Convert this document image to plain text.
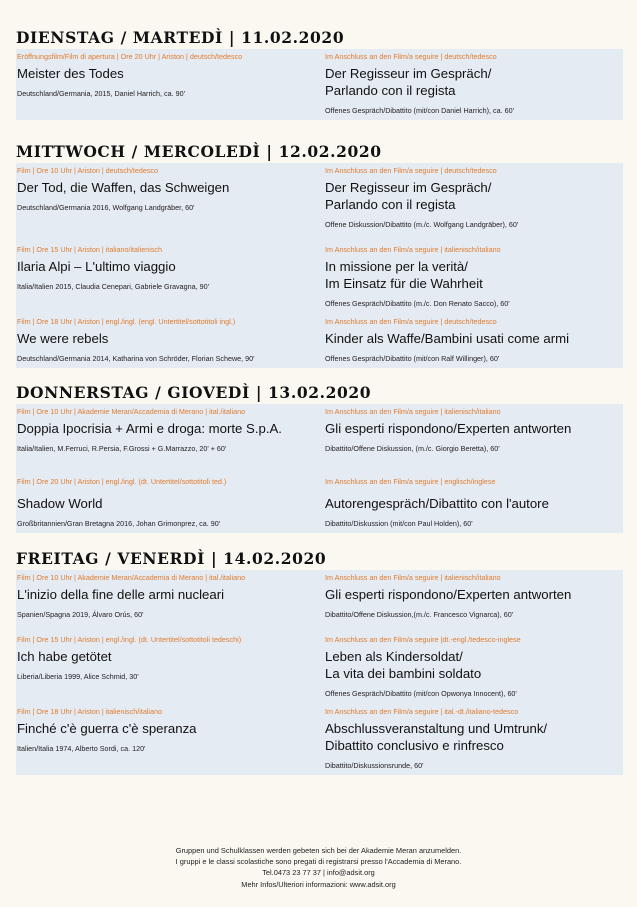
DIENSTAG / MARTEDÌ | 11.02.2020
Eröffnungsfilm/Film di apertura | Ore 20 Uhr | Ariston | deutsch/tedesco
Meister des Todes
Deutschland/Germania, 2015, Daniel Harrich, ca. 90'
Im Anschluss an den Film/a seguire | deutsch/tedesco
Der Regisseur im Gespräch/
Parlando con il regista
Offenes Gespräch/Dibattito (mit/con Daniel Harrich), ca. 60'
MITTWOCH / MERCOLEDÌ | 12.02.2020
Film | Ore 10 Uhr | Ariston | deutsch/tedesco
Der Tod, die Waffen, das Schweigen
Deutschland/Germania 2016, Wolfgang Landgräber, 60'
Im Anschluss an den Film/a seguire | deutsch/tedesco
Der Regisseur im Gespräch/
Parlando con il regista
Offene Diskussion/Dibattito (m./c. Wolfgang Landgräber), 60'
Film | Ore 15 Uhr | Ariston | italiano/italienisch
Ilaria Alpi – L'ultimo viaggio
Italia/Italien 2015, Claudia Cenepari, Gabriele Gravagna, 90'
Im Anschluss an den Film/a seguire | italienisch/italiano
In missione per la verità/
Im Einsatz für die Wahrheit
Offenes Gespräch/Dibattito (m./c. Don Renato Sacco), 60'
Film | Ore 18 Uhr | Ariston | engl./ingl. (engl. Untertitel/sottotitoli ingl.)
We were rebels
Deutschland/Germania 2014, Katharina von Schröder, Florian Schewe, 90'
Im Anschluss an den Film/a seguire | deutsch/tedesco
Kinder als Waffe/Bambini usati come armi
Offenes Gespräch/Dibattito (mit/con Ralf Willinger), 60'
DONNERSTAG / GIOVEDÌ | 13.02.2020
Film | Ore 10 Uhr | Akademie Meran/Accademia di Merano | ital./italiano
Doppia Ipocrisia + Armi e droga: morte S.p.A.
Italia/Italien, M.Ferruci, R.Persia, F.Grossi + G.Marrazzo, 20' + 60'
Im Anschluss an den Film/a seguire | italienisch/italiano
Gli esperti rispondono/Experten antworten
Dibattito/Offene Diskussion, (m./c. Giorgio Beretta), 60'
Film | Ore 20 Uhr | Ariston | engl./ingl. (dt. Untertitel/sottotitoli ted.)
Shadow World
Großbritannien/Gran Bretagna 2016, Johan Grimonprez, ca. 90'
Im Anschluss an den Film/a seguire | englisch/inglese
Autorengespräch/Dibattito con l'autore
Dibattito/Diskussion (mit/con Paul Holden), 60'
FREITAG / VENERDÌ | 14.02.2020
Film | Ore 10 Uhr | Akademie Meran/Accademia di Merano | ital./italiano
L'inizio della fine delle armi nucleari
Spanien/Spagna 2019, Álvaro Orús, 60'
Im Anschluss an den Film/a seguire | italienisch/italiano
Gli esperti rispondono/Experten antworten
Dibattito/Offene Diskussion,(m./c. Francesco Vignarca), 60'
Film | Ore 15 Uhr | Ariston | engl./ingl. (dt. Untertitel/sottotitoli tedeschi)
Ich habe getötet
Liberia/Liberia 1999, Alice Schmid, 30'
Im Anschluss an den Film/a seguire |dt.-engl./tedesco-inglese
Leben als Kindersoldat/
La vita dei bambini soldato
Offenes Gespräch/Dibattito (mit/con Opwonya Innocent), 60'
Film | Ore 18 Uhr | Ariston | italienisch/italiano
Finché c'è guerra c'è speranza
Italien/Italia 1974, Alberto Sordi, ca. 120'
Im Anschluss an den Film/a seguire | ital.-dt./italiano-tedesco
Abschlussveranstaltung und Umtrunk/
Dibattito conclusivo e rinfresco
Dibattito/Diskussionsrunde, 60'
Gruppen und Schulklassen werden gebeten sich bei der Akademie Meran anzumelden.
I gruppi e le classi scolastiche sono pregati di registrarsi presso l'Accademia di Merano.
Tel.0473 23 77 37 | info@adsit.org
Mehr Infos/Ulteriori informazioni: www.adsit.org
